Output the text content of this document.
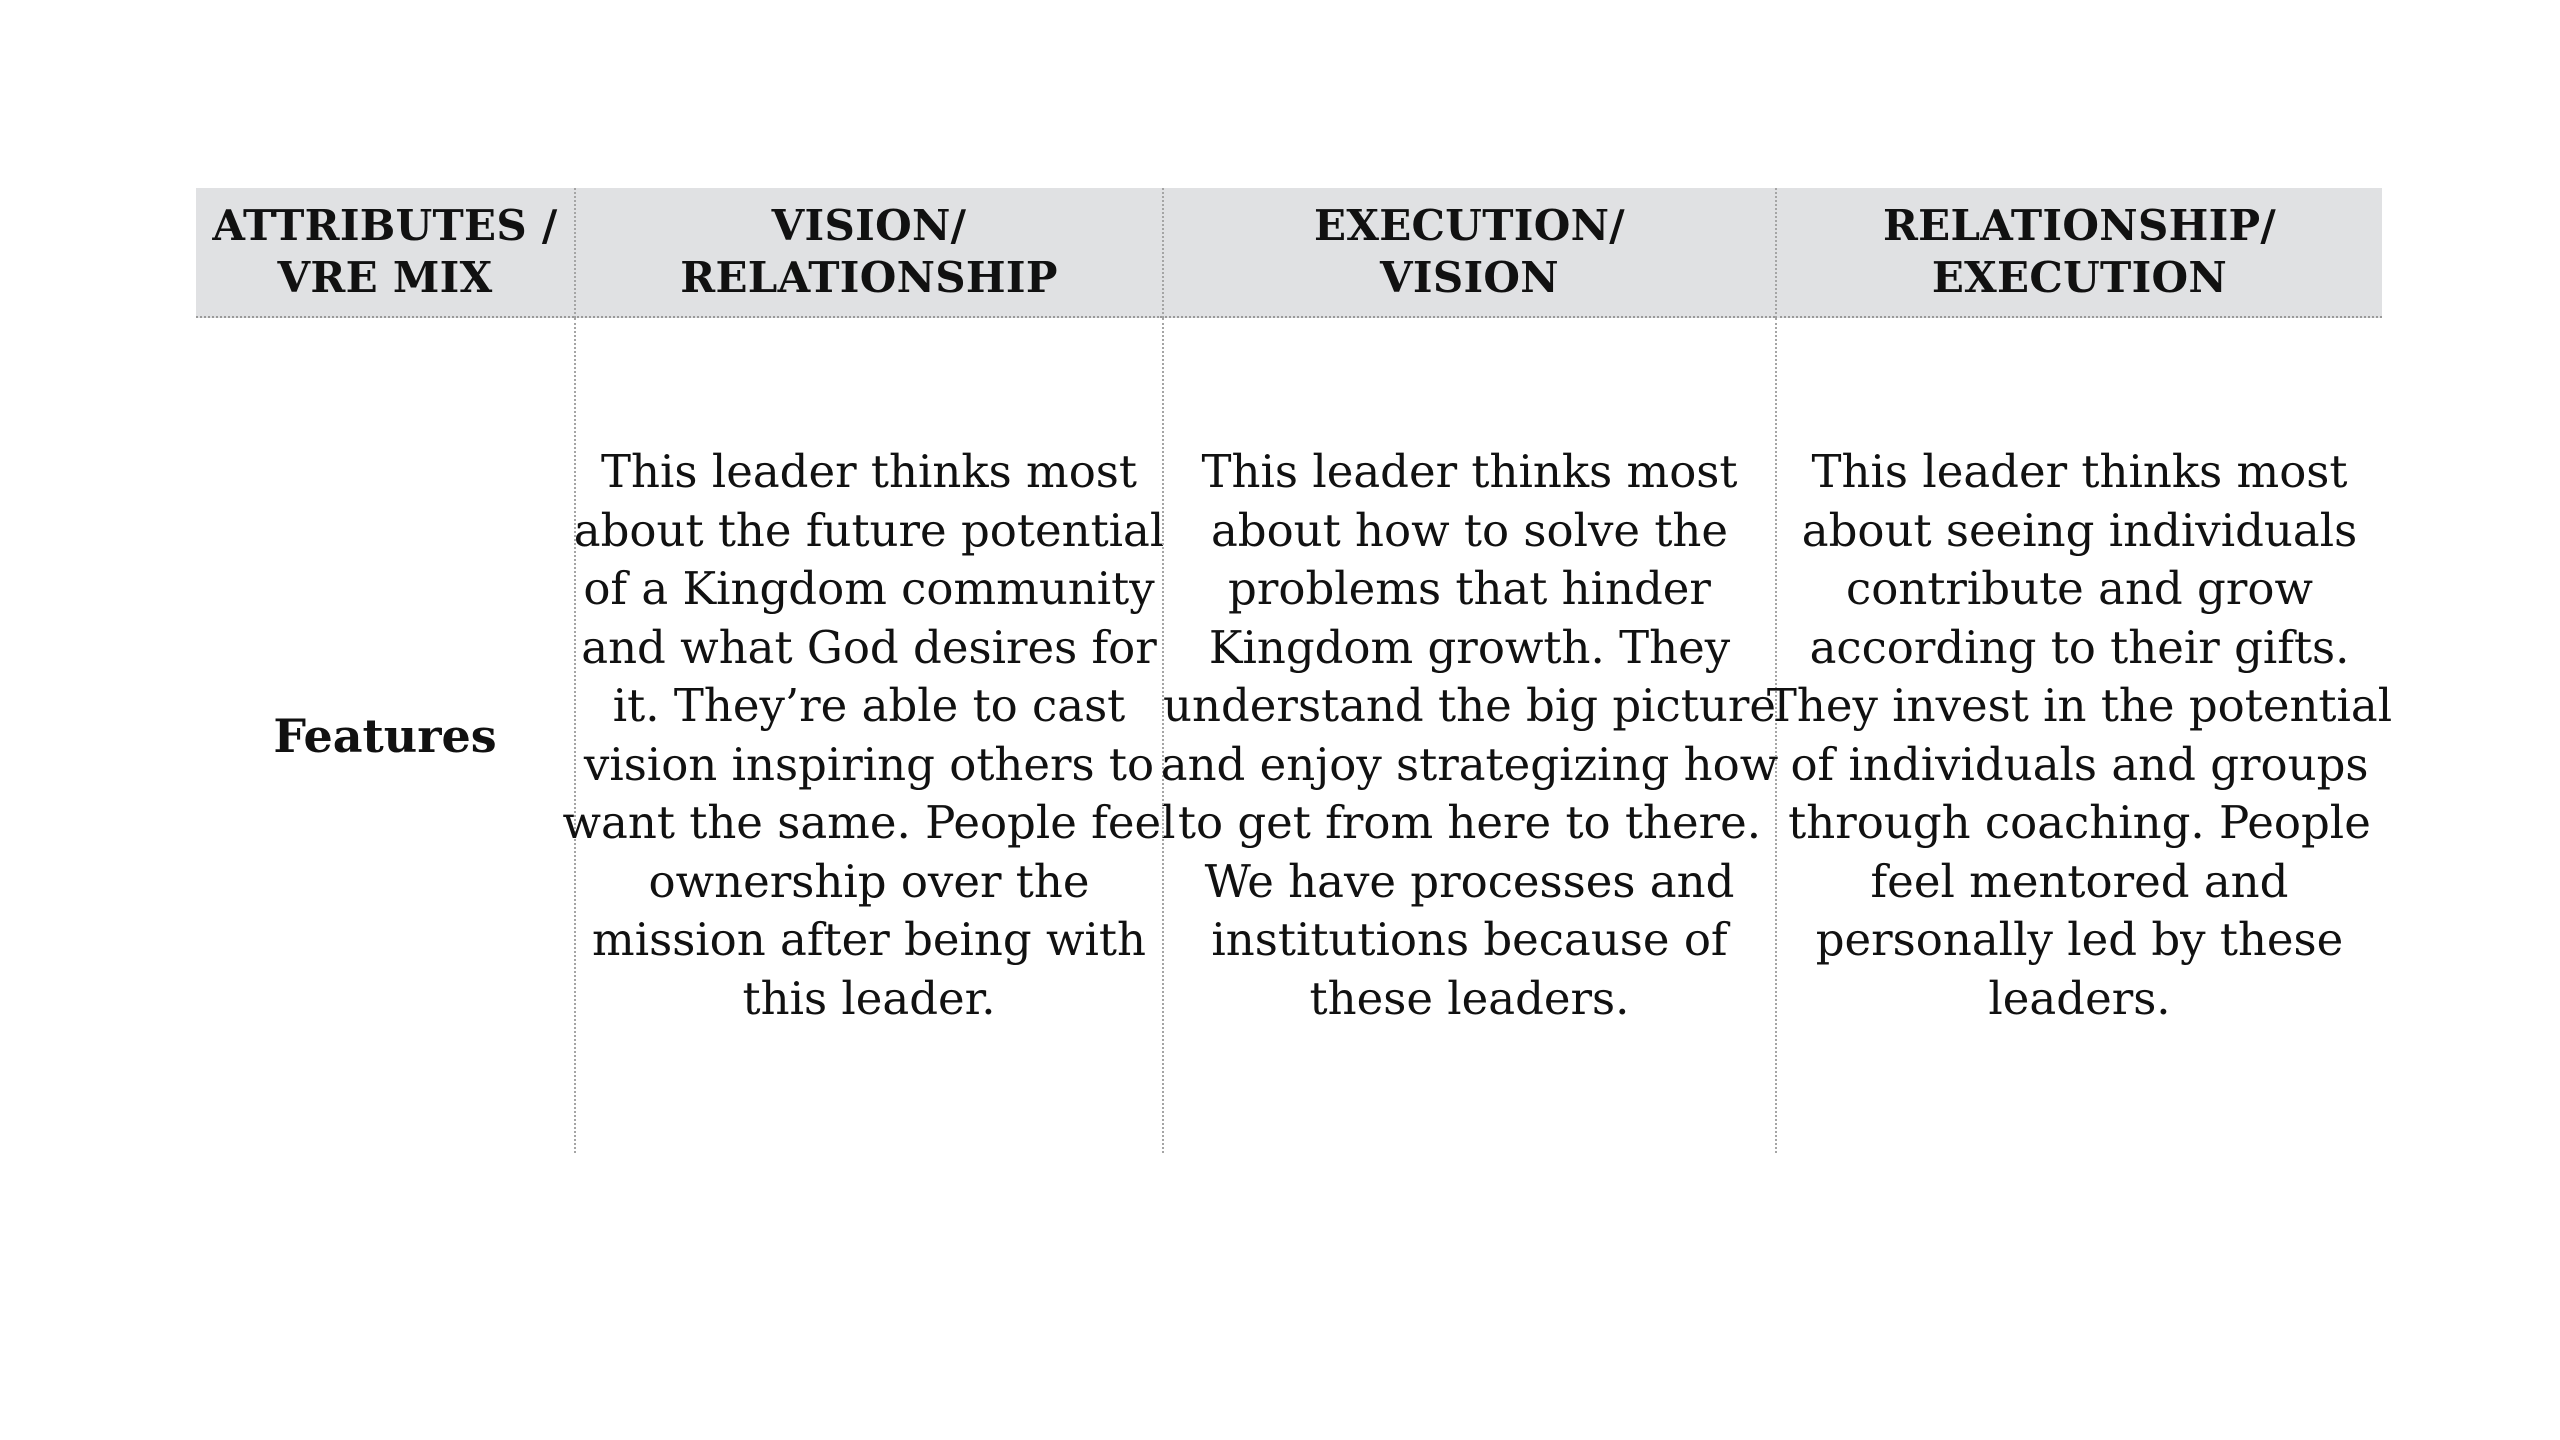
ATTRIBUTES /
VRE MIX
VISION/
RELATIONSHIP
EXECUTION/
VISION
RELATIONSHIP/
EXECUTION
Features
This leader thinks most
about the future potential
of a Kingdom community
and what God desires for
it. They’re able to cast
vision inspiring others to
want the same. People feel
ownership over the
mission after being with
this leader.
This leader thinks most
about how to solve the
problems that hinder
Kingdom growth. They
understand the big picture
and enjoy strategizing how
to get from here to there.
We have processes and
institutions because of
these leaders.
This leader thinks most
about seeing individuals
contribute and grow
according to their gifts.
They invest in the potential
of individuals and groups
through coaching. People
feel mentored and
personally led by these
leaders.
